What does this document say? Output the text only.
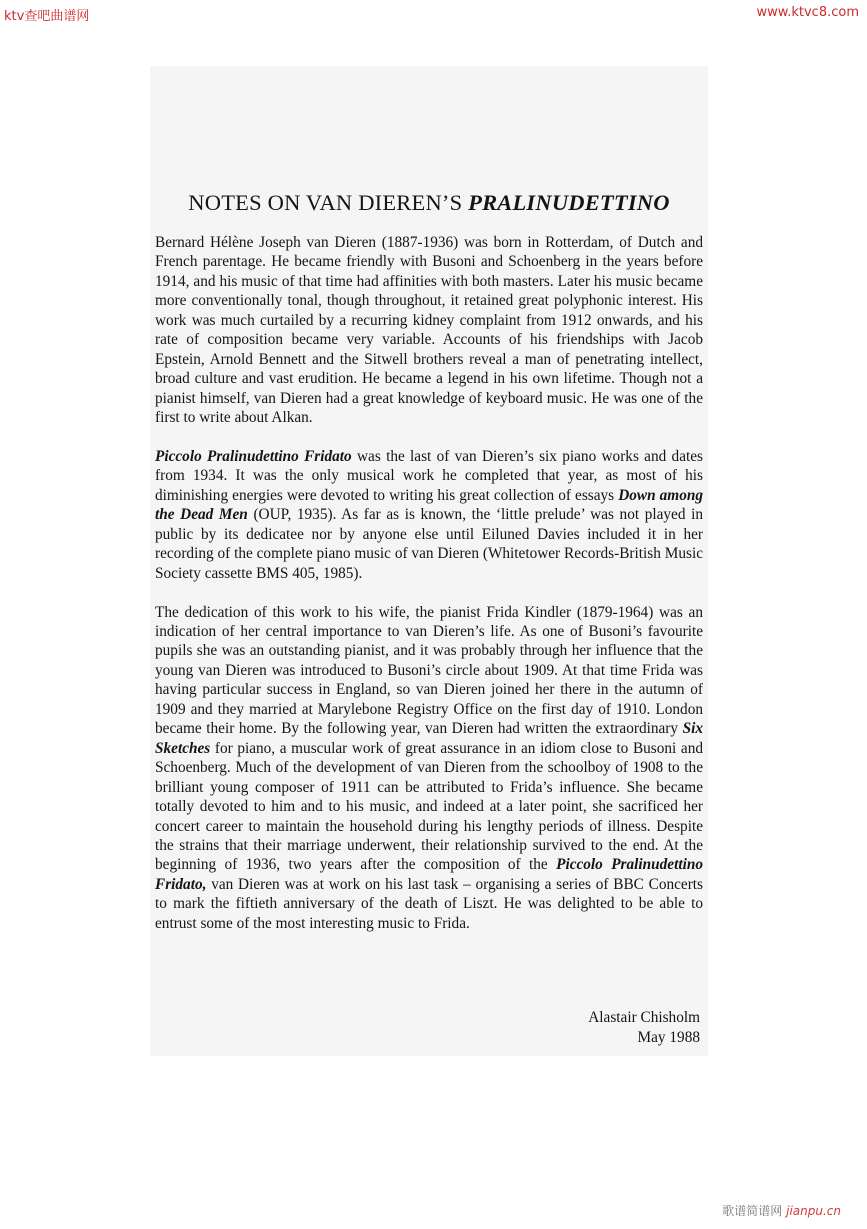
ktv查吧曲谱网	www.ktvc8.com
歌谱简谱网 jianpu.cn
NOTES ON VAN DIEREN’S PRALINUDETTINO

Bernard Hélène Joseph van Dieren (1887-1936) was born in Rotterdam, of Dutch and French parentage. He became friendly with Busoni and Schoenberg in the years before 1914, and his music of that time had affinities with both masters. Later his music became more conventionally tonal, though throughout, it retained great polyphonic interest. His work was much curtailed by a recurring kidney complaint from 1912 onwards, and his rate of composition became very variable. Accounts of his friendships with Jacob Epstein, Arnold Bennett and the Sitwell brothers reveal a man of penetrating intellect, broad culture and vast erudition. He became a legend in his own lifetime. Though not a pianist himself, van Dieren had a great knowledge of keyboard music. He was one of the first to write about Alkan.

Piccolo Pralinudettino Fridato was the last of van Dieren’s six piano works and dates from 1934. It was the only musical work he completed that year, as most of his diminishing energies were devoted to writing his great collection of essays Down among the Dead Men (OUP, 1935). As far as is known, the ‘little prelude’ was not played in public by its dedicatee nor by anyone else until Eiluned Davies included it in her recording of the complete piano music of van Dieren (Whitetower Records-British Music Society cassette BMS 405, 1985).

The dedication of this work to his wife, the pianist Frida Kindler (1879-1964) was an indication of her central importance to van Dieren’s life. As one of Busoni’s favourite pupils she was an outstanding pianist, and it was probably through her influence that the young van Dieren was introduced to Busoni’s circle about 1909. At that time Frida was having particular success in England, so van Dieren joined her there in the autumn of 1909 and they married at Marylebone Registry Office on the first day of 1910. London became their home. By the following year, van Dieren had written the extraordinary Six Sketches for piano, a muscular work of great assurance in an idiom close to Busoni and Schoenberg. Much of the development of van Dieren from the schoolboy of 1908 to the brilliant young composer of 1911 can be attributed to Frida’s influence. She became totally devoted to him and to his music, and indeed at a later point, she sacrificed her concert career to maintain the household during his lengthy periods of illness. Despite the strains that their marriage underwent, their relationship survived to the end. At the beginning of 1936, two years after the composition of the Piccolo Pralinudettino Fridato, van Dieren was at work on his last task – organising a series of BBC Concerts to mark the fiftieth anniversary of the death of Liszt. He was delighted to be able to entrust some of the most interesting music to Frida.

Alastair Chisholm
May 1988
